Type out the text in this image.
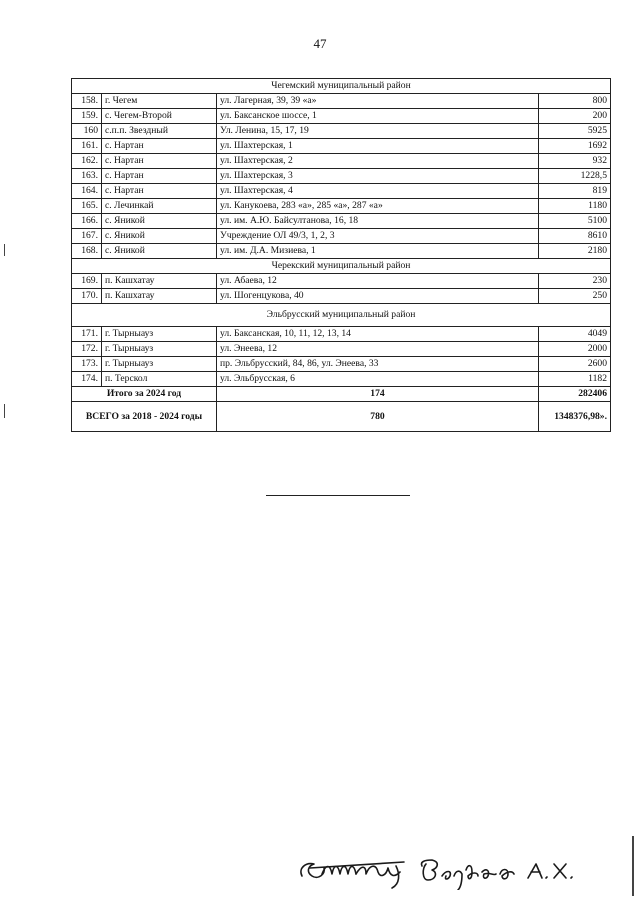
47
Чегемский муниципальный район			
158.	г. Чегем	ул. Лагерная, 39, 39 «а»	800
159.	с. Чегем-Второй	ул. Баксанское шоссе, 1	200
160	с.п.п. Звездный	Ул. Ленина, 15, 17, 19	5925
161.	с. Нартан	ул. Шахтерская, 1	1692
162.	с. Нартан	ул. Шахтерская, 2	932
163.	с. Нартан	ул. Шахтерская, 3	1228,5
164.	с. Нартан	ул. Шахтерская, 4	819
165.	с. Лечинкай	ул. Канукоева, 283 «а», 285 «а», 287 «а»	1180
166.	с. Яникой	ул. им. А.Ю. Байсултанова, 16, 18	5100
167.	с. Яникой	Учреждение ОЛ 49/3, 1, 2, 3	8610
168.	с. Яникой	ул. им. Д.А. Мизиева, 1	2180
Черекский муниципальный район			
169.	п. Кашхатау	ул. Абаева, 12	230
170.	п. Кашхатау	ул. Шогенцукова, 40	250
Эльбрусский муниципальный район			
171.	г. Тырныауз	ул. Баксанская, 10, 11, 12, 13, 14	4049
172.	г. Тырныауз	ул. Энеева, 12	2000
173.	г. Тырныауз	пр. Эльбрусский, 84, 86, ул. Энеева, 33	2600
174.	п. Терскол	ул. Эльбрусская, 6	1182
Итого за 2024 год		174	282406
ВСЕГО за 2018 - 2024 годы		780	1348376,98».
